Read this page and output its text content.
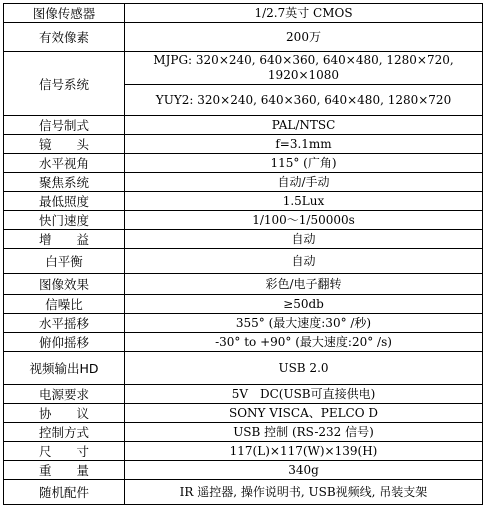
图像传感器	1/2.7英寸 CMOS
有效像素	200万
信号系统	MJPG: 320×240, 640×360, 640×480, 1280×720, 1920×1080
	YUY2: 320×240, 640×360, 640×480, 1280×720
信号制式	PAL/NTSC
镜　　头	f=3.1mm
水平视角	115° (广角)
聚焦系统	自动/手动
最低照度	1.5Lux
快门速度	1/100～1/50000s
增　　益	自动
白平衡	自动
图像效果	彩色/电子翻转
信噪比	≥50db
水平摇移	355° (最大速度:30° /秒)
俯仰摇移	-30° to +90° (最大速度:20° /s)
视频输出HD	USB 2.0
电源要求	5V　DC(USB可直接供电)
协　　议	SONY VISCA、PELCO D
控制方式	USB 控制 (RS-232 信号)
尺　　寸	117(L)×117(W)×139(H)
重　　量	340g
随机配件	IR 遥控器, 操作说明书, USB视频线, 吊装支架
